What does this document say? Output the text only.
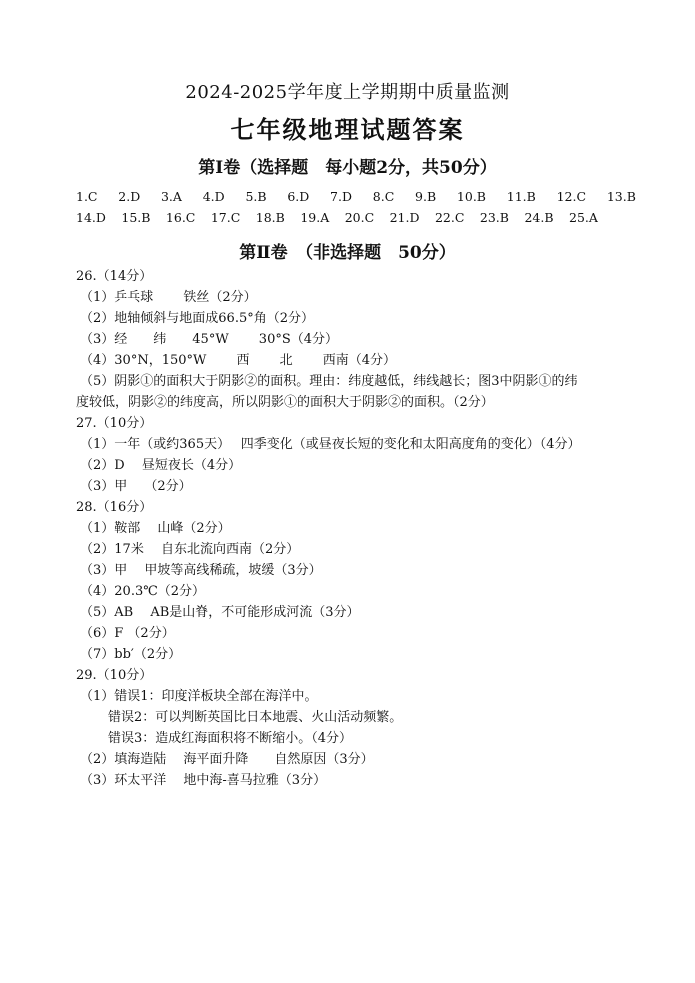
2024-2025学年度上学期期中质量监测
七年级地理试题答案
第Ⅰ卷（选择题　每小题2分，共50分）
1.C 2.D 3.A 4.D 5.B 6.D 7.D 8.C 9.B 10.B 11.B 12.C 13.B
14.D 15.B 16.C 17.C 18.B 19.A 20.C 21.D 22.C 23.B 24.B 25.A
第Ⅱ卷　（非选择题　50分）
26.（14分）
（1）乒乓球　　 铁丝（2分）
（2）地轴倾斜与地面成66.5°角（2分）
（3）经　　纬　　45°W　　 30°S（4分）
（4）30°N，150°W　　 西　　 北　　 西南（4分）
（5）阴影①的面积大于阴影②的面积。理由：纬度越低，纬线越长；图3中阴影①的纬
度较低，阴影②的纬度高，所以阴影①的面积大于阴影②的面积。（2分）
27.（10分）
（1）一年（或约365天）　 四季变化（或昼夜长短的变化和太阳高度角的变化）（4分）
（2）D　 昼短夜长（4分）
（3）甲　 （2分）
28.（16分）
（1）鞍部　 山峰（2分）
（2）17米　 自东北流向西南（2分）
（3）甲　 甲坡等高线稀疏，坡缓（3分）
（4）20.3℃（2分）
（5）AB　 AB是山脊，不可能形成河流（3分）
（6）F （2分）
（7）bb′（2分）
29.（10分）
（1）错误1：印度洋板块全部在海洋中。
错误2：可以判断英国比日本地震、火山活动频繁。
错误3：造成红海面积将不断缩小。（4分）
（2）填海造陆　 海平面升降　　自然原因（3分）
（3）环太平洋　 地中海-喜马拉雅（3分）
